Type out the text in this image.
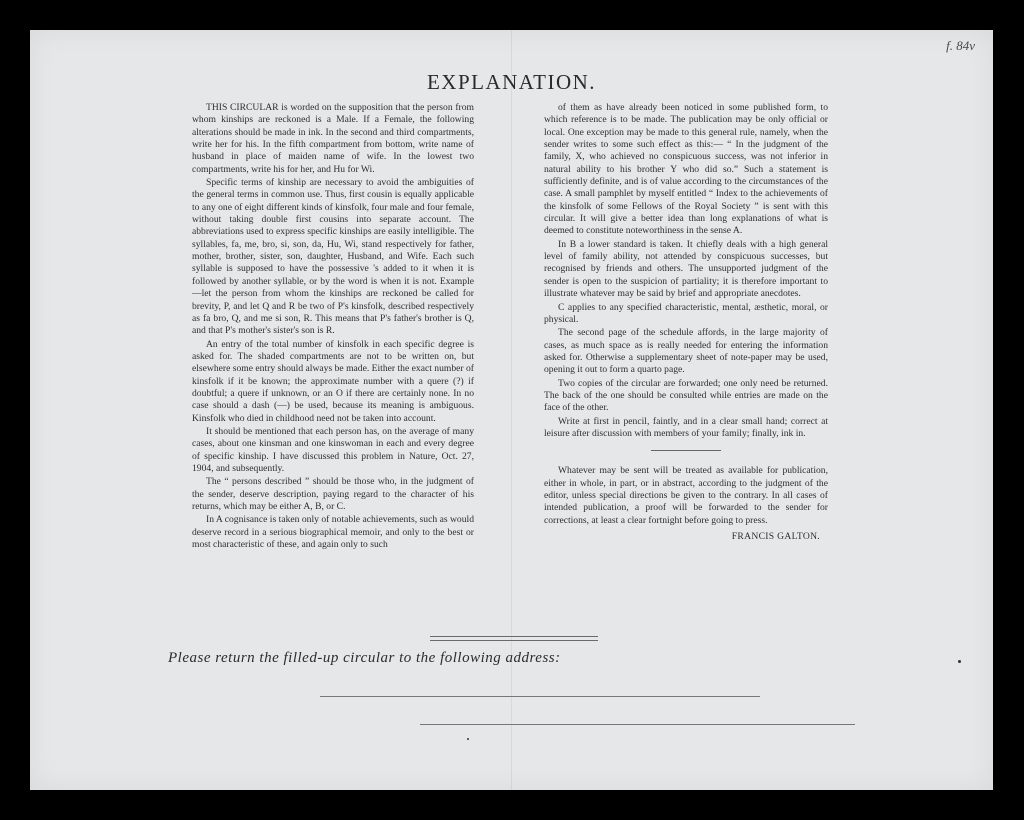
f. 84v
EXPLANATION.

THIS CIRCULAR is worded on the supposition that the person from whom kinships are reckoned is a Male. If a Female, the following alterations should be made in ink. In the second and third compartments, write her for his. In the fifth compartment from bottom, write name of husband in place of maiden name of wife. In the lowest two compartments, write his for her, and Hu for Wi.

Specific terms of kinship are necessary to avoid the ambiguities of the general terms in common use. Thus, first cousin is equally applicable to any one of eight different kinds of kinsfolk, four male and four female, without taking double first cousins into separate account. The abbreviations used to express specific kinships are easily intelligible. The syllables, fa, me, bro, si, son, da, Hu, Wi, stand respectively for father, mother, brother, sister, son, daughter, Husband, and Wife. Each such syllable is supposed to have the possessive 's added to it when it is followed by another syllable, or by the word is when it is not. Example—let the person from whom the kinships are reckoned be called for brevity, P, and let Q and R be two of P's kinsfolk, described respectively as fa bro, Q, and me si son, R. This means that P's father's brother is Q, and that P's mother's sister's son is R.

An entry of the total number of kinsfolk in each specific degree is asked for. The shaded compartments are not to be written on, but elsewhere some entry should always be made. Either the exact number of kinsfolk if it be known; the approximate number with a quere (?) if doubtful; a quere if unknown, or an O if there are certainly none. In no case should a dash (—) be used, because its meaning is ambiguous. Kinsfolk who died in childhood need not be taken into account.

It should be mentioned that each person has, on the average of many cases, about one kinsman and one kinswoman in each and every degree of specific kinship. I have discussed this problem in Nature, Oct. 27, 1904, and subsequently.

The “ persons described ” should be those who, in the judgment of the sender, deserve description, paying regard to the character of his returns, which may be either A, B, or C.

In A cognisance is taken only of notable achievements, such as would deserve record in a serious biographical memoir, and only to the best or most characteristic of these, and again only to such

of them as have already been noticed in some published form, to which reference is to be made. The publication may be only official or local. One exception may be made to this general rule, namely, when the sender writes to some such effect as this:— “ In the judgment of the family, X, who achieved no conspicuous success, was not inferior in natural ability to his brother Y who did so.” Such a statement is sufficiently definite, and is of value according to the circumstances of the case. A small pamphlet by myself entitled “ Index to the achievements of the kinsfolk of some Fellows of the Royal Society ” is sent with this circular. It will give a better idea than long explanations of what is deemed to constitute noteworthiness in the sense A.

In B a lower standard is taken. It chiefly deals with a high general level of family ability, not attended by conspicuous successes, but recognised by friends and others. The unsupported judgment of the sender is open to the suspicion of partiality; it is therefore important to illustrate whatever may be said by brief and appropriate anecdotes.

C applies to any specified characteristic, mental, æsthetic, moral, or physical.

The second page of the schedule affords, in the large majority of cases, as much space as is really needed for entering the information asked for. Otherwise a supplementary sheet of note-paper may be used, opening it out to form a quarto page.

Two copies of the circular are forwarded; one only need be returned. The back of the one should be consulted while entries are made on the face of the other.

Write at first in pencil, faintly, and in a clear small hand; correct at leisure after discussion with members of your family; finally, ink in.

Whatever may be sent will be treated as available for publication, either in whole, in part, or in abstract, according to the judgment of the editor, unless special directions be given to the contrary. In all cases of intended publication, a proof will be forwarded to the sender for corrections, at least a clear fortnight before going to press.

FRANCIS GALTON.
Please return the filled-up circular to the following address:
